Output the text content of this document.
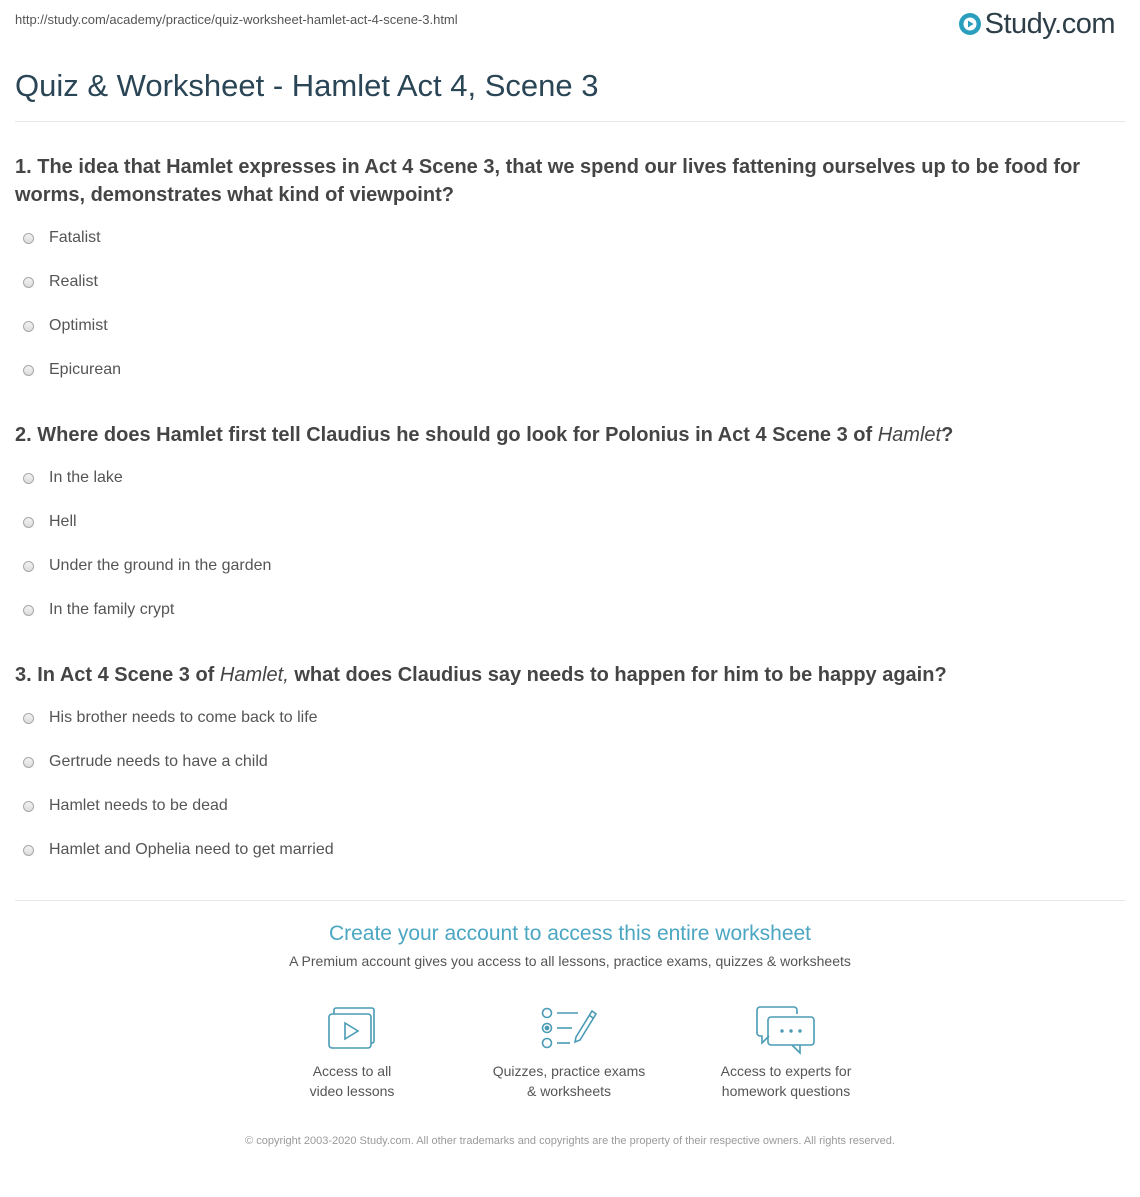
http://study.com/academy/practice/quiz-worksheet-hamlet-act-4-scene-3.html	Study.com
Quiz & Worksheet - Hamlet Act 4, Scene 3

1. The idea that Hamlet expresses in Act 4 Scene 3, that we spend our lives fattening ourselves up to be food for worms, demonstrates what kind of viewpoint?

Fatalist
Realist
Optimist
Epicurean

2. Where does Hamlet first tell Claudius he should go look for Polonius in Act 4 Scene 3 of Hamlet?

In the lake
Hell
Under the ground in the garden
In the family crypt

3. In Act 4 Scene 3 of Hamlet, what does Claudius say needs to happen for him to be happy again?

His brother needs to come back to life
Gertrude needs to have a child
Hamlet needs to be dead
Hamlet and Ophelia need to get married
Create your account to access this entire worksheet
A Premium account gives you access to all lessons, practice exams, quizzes & worksheets
Access to all
video lessons
Quizzes, practice exams
& worksheets
Access to experts for
homework questions
© copyright 2003-2020 Study.com. All other trademarks and copyrights are the property of their respective owners. All rights reserved.
